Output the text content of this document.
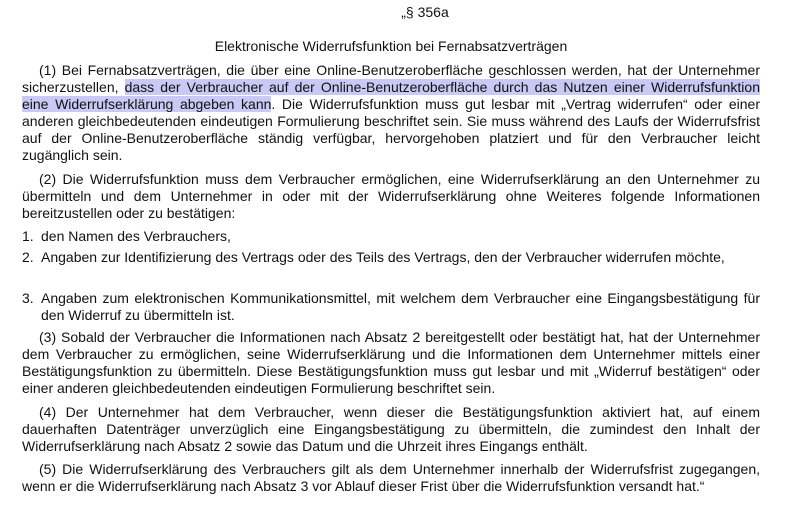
„§ 356a
Elektronische Widerrufsfunktion bei Fernabsatzverträgen

(1) Bei Fernabsatzverträgen, die über eine Online-Benutzeroberfläche geschlossen werden, hat der Unternehmer sicherzustellen, dass der Verbraucher auf der Online-Benutzeroberfläche durch das Nutzen einer Widerrufsfunktion eine Widerrufserklärung abgeben kann. Die Widerrufsfunktion muss gut lesbar mit „Vertrag widerrufen“ oder einer anderen gleichbedeutenden eindeutigen Formulierung beschriftet sein. Sie muss während des Laufs der Widerrufsfrist auf der Online-Benutzeroberfläche ständig verfügbar, hervorgehoben platziert und für den Verbraucher leicht zugänglich sein.

(2) Die Widerrufsfunktion muss dem Verbraucher ermöglichen, eine Widerrufserklärung an den Unternehmer zu übermitteln und dem Unternehmer in oder mit der Widerrufserklärung ohne Weiteres folgende Informationen bereitzustellen oder zu bestätigen:

1. den Namen des Verbrauchers,
2. Angaben zur Identifizierung des Vertrags oder des Teils des Vertrags, den der Verbraucher widerrufen möchte,
3. Angaben zum elektronischen Kommunikationsmittel, mit welchem dem Verbraucher eine Eingangsbestätigung für den Widerruf zu übermitteln ist.

(3) Sobald der Verbraucher die Informationen nach Absatz 2 bereitgestellt oder bestätigt hat, hat der Unternehmer dem Verbraucher zu ermöglichen, seine Widerrufserklärung und die Informationen dem Unternehmer mittels einer Bestätigungsfunktion zu übermitteln. Diese Bestätigungsfunktion muss gut lesbar und mit „Widerruf bestätigen“ oder einer anderen gleichbedeutenden eindeutigen Formulierung beschriftet sein.

(4) Der Unternehmer hat dem Verbraucher, wenn dieser die Bestätigungsfunktion aktiviert hat, auf einem dauerhaften Datenträger unverzüglich eine Eingangsbestätigung zu übermitteln, die zumindest den Inhalt der Widerrufserklärung nach Absatz 2 sowie das Datum und die Uhrzeit ihres Eingangs enthält.

(5) Die Widerrufserklärung des Verbrauchers gilt als dem Unternehmer innerhalb der Widerrufsfrist zugegangen, wenn er die Widerrufserklärung nach Absatz 3 vor Ablauf dieser Frist über die Widerrufsfunktion versandt hat.“
